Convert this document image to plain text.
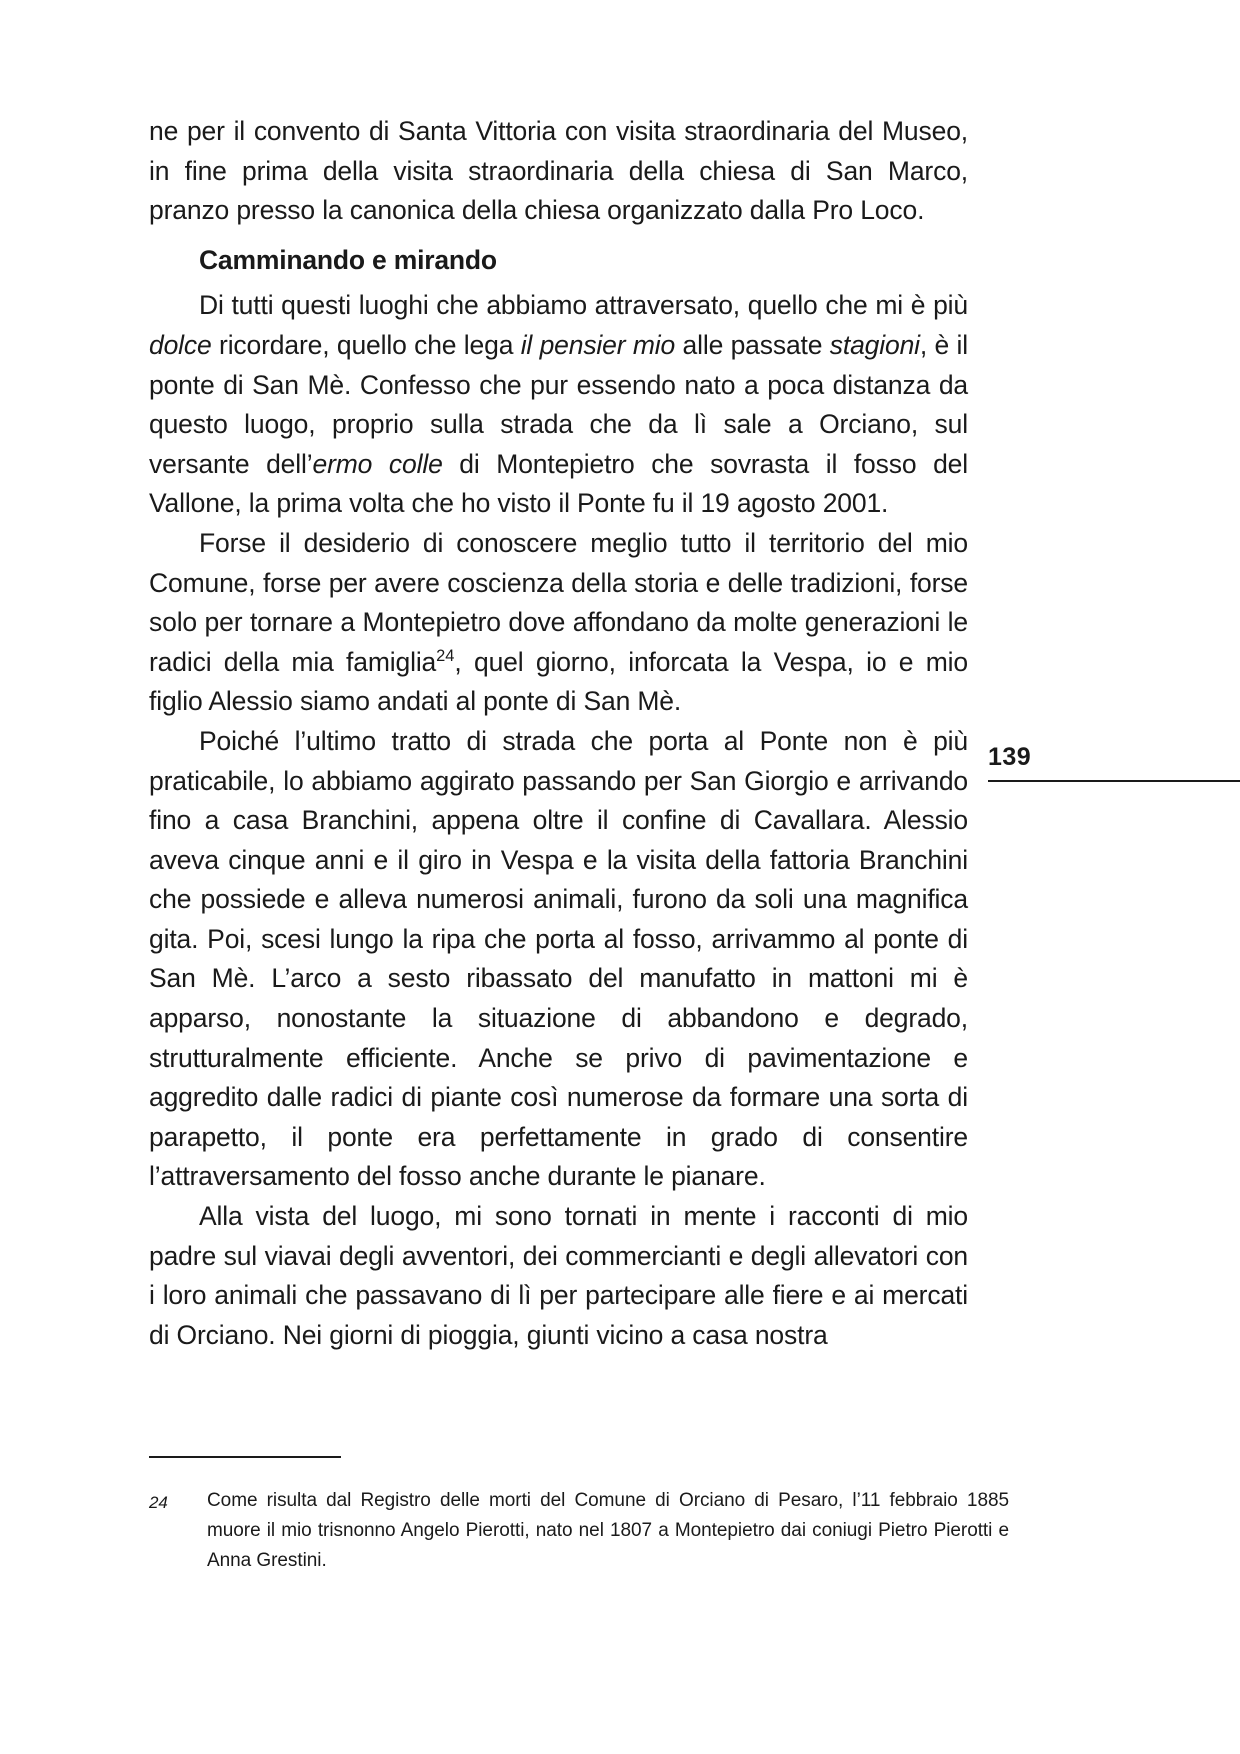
ne per il convento di Santa Vittoria con visita straordinaria del Museo, in fine prima della visita straordinaria della chiesa di San Marco, pranzo presso la canonica della chiesa organizzato dalla Pro Loco.

Camminando e mirando

Di tutti questi luoghi che abbiamo attraversato, quello che mi è più dolce ricordare, quello che lega il pensier mio alle passate stagioni, è il ponte di San Mè. Confesso che pur essendo nato a poca distanza da questo luogo, proprio sulla strada che da lì sale a Orciano, sul versante dell’ermo colle di Montepietro che sovrasta il fosso del Vallone, la prima volta che ho visto il Ponte fu il 19 agosto 2001.

Forse il desiderio di conoscere meglio tutto il territorio del mio Comune, forse per avere coscienza della storia e delle tradizioni, forse solo per tornare a Montepietro dove affondano da molte generazioni le radici della mia famiglia$^{24}$, quel giorno, inforcata la Vespa, io e mio figlio Alessio siamo andati al ponte di San Mè.

Poiché l’ultimo tratto di strada che porta al Ponte non è più praticabile, lo abbiamo aggirato passando per San Giorgio e arrivando fino a casa Branchini, appena oltre il confine di Cavallara. Alessio aveva cinque anni e il giro in Vespa e la visita della fattoria Branchini che possiede e alleva numerosi animali, furono da soli una magnifica gita. Poi, scesi lungo la ripa che porta al fosso, arrivammo al ponte di San Mè. L’arco a sesto ribassato del manufatto in mattoni mi è apparso, nonostante la situazione di abbandono e degrado, strutturalmente efficiente. Anche se privo di pavimentazione e aggredito dalle radici di piante così numerose da formare una sorta di parapetto, il ponte era perfettamente in grado di consentire l’attraversamento del fosso anche durante le pianare.

Alla vista del luogo, mi sono tornati in mente i racconti di mio padre sul viavai degli avventori, dei commercianti e degli allevatori con i loro animali che passavano di lì per partecipare alle fiere e ai mercati di Orciano. Nei giorni di pioggia, giunti vicino a casa nostra

139
24	Come risulta dal Registro delle morti del Comune di Orciano di Pesaro, l’11 febbraio 1885 muore il mio trisnonno Angelo Pierotti, nato nel 1807 a Montepietro dai coniugi Pietro Pierotti e Anna Grestini.
